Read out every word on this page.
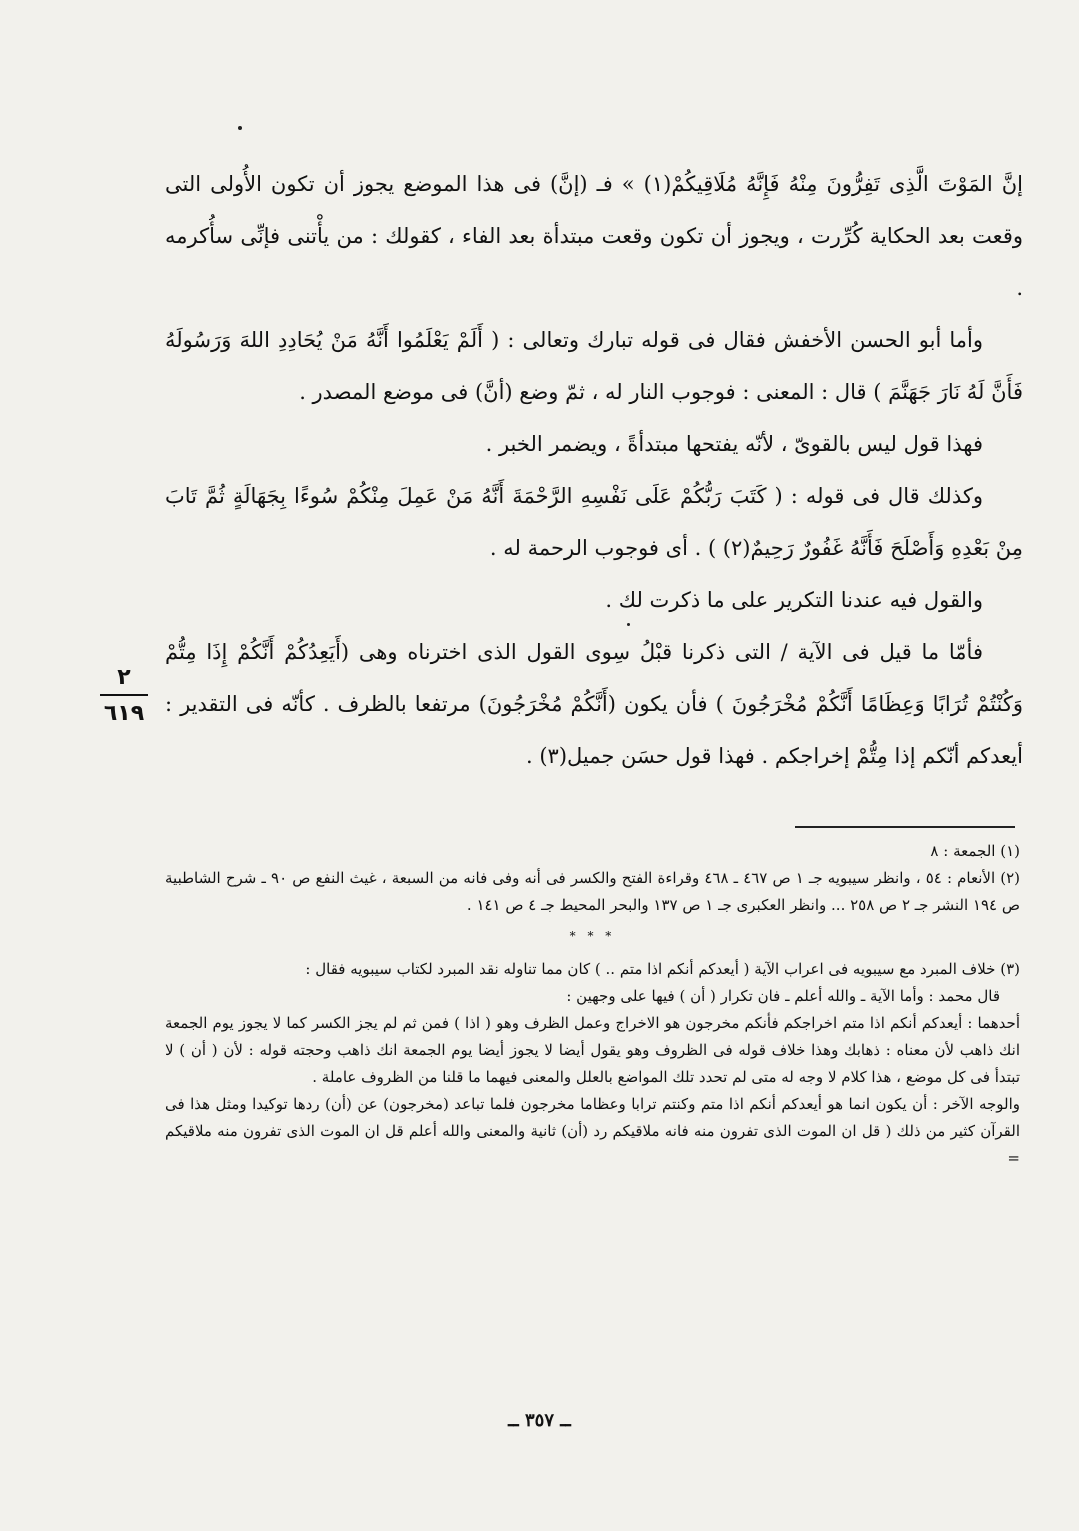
إنَّ المَوْتَ الَّذِى تَفِرُّونَ مِنْهُ فَإِنَّهُ مُلَاقِيكُمْ(١) » فـ (إنَّ) فى هذا الموضع يجوز أن تكون الأُولى التى وقعت بعد الحكاية كُرِّرت ، ويجوز أن تكون وقعت مبتدأة بعد الفاء ، كقولك : من يأْتنى فإنِّى سأُكرمه .

وأما أبو الحسن الأخفش فقال فى قوله تبارك وتعالى : ( أَلَمْ يَعْلَمُوا أَنَّهُ مَنْ يُحَادِدِ اللهَ وَرَسُولَهُ فَأَنَّ لَهُ نَارَ جَهَنَّمَ ) قال : المعنى : فوجوب النار له ، ثمّ وضع (أنَّ) فى موضع المصدر .

فهذا قول ليس بالقوىّ ، لأنّه يفتحها مبتدأةً ، ويضمر الخبر .

وكذلك قال فى قوله : ( كَتَبَ رَبُّكُمْ عَلَى نَفْسِهِ الرَّحْمَةَ أَنَّهُ مَنْ عَمِلَ مِنْكُمْ سُوءًا بِجَهَالَةٍ ثُمَّ تَابَ مِنْ بَعْدِهِ وَأَصْلَحَ فَأَنَّهُ غَفُورٌ رَحِيمٌ(٢) ) . أى فوجوب الرحمة له .

والقول فيه عندنا التكرير على ما ذكرت لك .

فأمّا ما قيل فى الآية / التى ذكرنا قبْلُ سِوى القول الذى اخترناه وهى (أَيَعِدُكُمْ أَنَّكُمْ إِذَا مِتُّمْ وَكُنْتُمْ تُرَابًا وَعِظَامًا أَنَّكُمْ مُخْرَجُونَ ) فأن يكون (أَنَّكُمْ مُخْرَجُونَ) مرتفعا بالظرف . كأنّه فى التقدير : أيعدكم أنّكم إذا مِتُّمْ إخراجكم . فهذا قول حسَن جميل(٣) .

٢
٦١٩

(١) الجمعة : ٨

(٢) الأنعام : ٥٤ ، وانظر سيبويه جـ ١ ص ٤٦٧ ـ ٤٦٨ وقراءة الفتح والكسر فى أنه وفى فانه من السبعة ، غيث النفع ص ٩٠ ـ شرح الشاطبية ص ١٩٤ النشر جـ ٢ ص ٢٥٨ ... وانظر العكبرى جـ ١ ص ١٣٧ والبحر المحيط جـ ٤ ص ١٤١ .

* * *

(٣) خلاف المبرد مع سيبويه فى اعراب الآية ( أيعدكم أنكم اذا متم .. ) كان مما تناوله نقد المبرد لكتاب سيبويه فقال :

قال محمد : وأما الآية ـ والله أعلم ـ فان تكرار ( أن ) فيها على وجهين :

أحدهما : أيعدكم أنكم اذا متم اخراجكم فأنكم مخرجون هو الاخراج وعمل الظرف وهو ( اذا ) فمن ثم لم يجز الكسر كما لا يجوز يوم الجمعة انك ذاهب لأن معناه : ذهابك وهذا خلاف قوله فى الظروف وهو يقول أيضا لا يجوز أيضا يوم الجمعة انك ذاهب وحجته قوله : لأن ( أن ) لا تبتدأ فى كل موضع ، هذا كلام لا وجه له متى لم تحدد تلك المواضع بالعلل والمعنى فيهما ما قلنا من الظروف عاملة .

والوجه الآخر : أن يكون انما هو أيعدكم أنكم اذا متم وكنتم ترابا وعظاما مخرجون فلما تباعد (مخرجون) عن (أن) ردها توكيدا ومثل هذا فى القرآن كثير من ذلك ( قل ان الموت الذى تفرون منه فانه ملاقيكم رد (أن) ثانية والمعنى والله أعلم قل ان الموت الذى تفرون منه ملاقيكم =

ــ ٣٥٧ ــ
